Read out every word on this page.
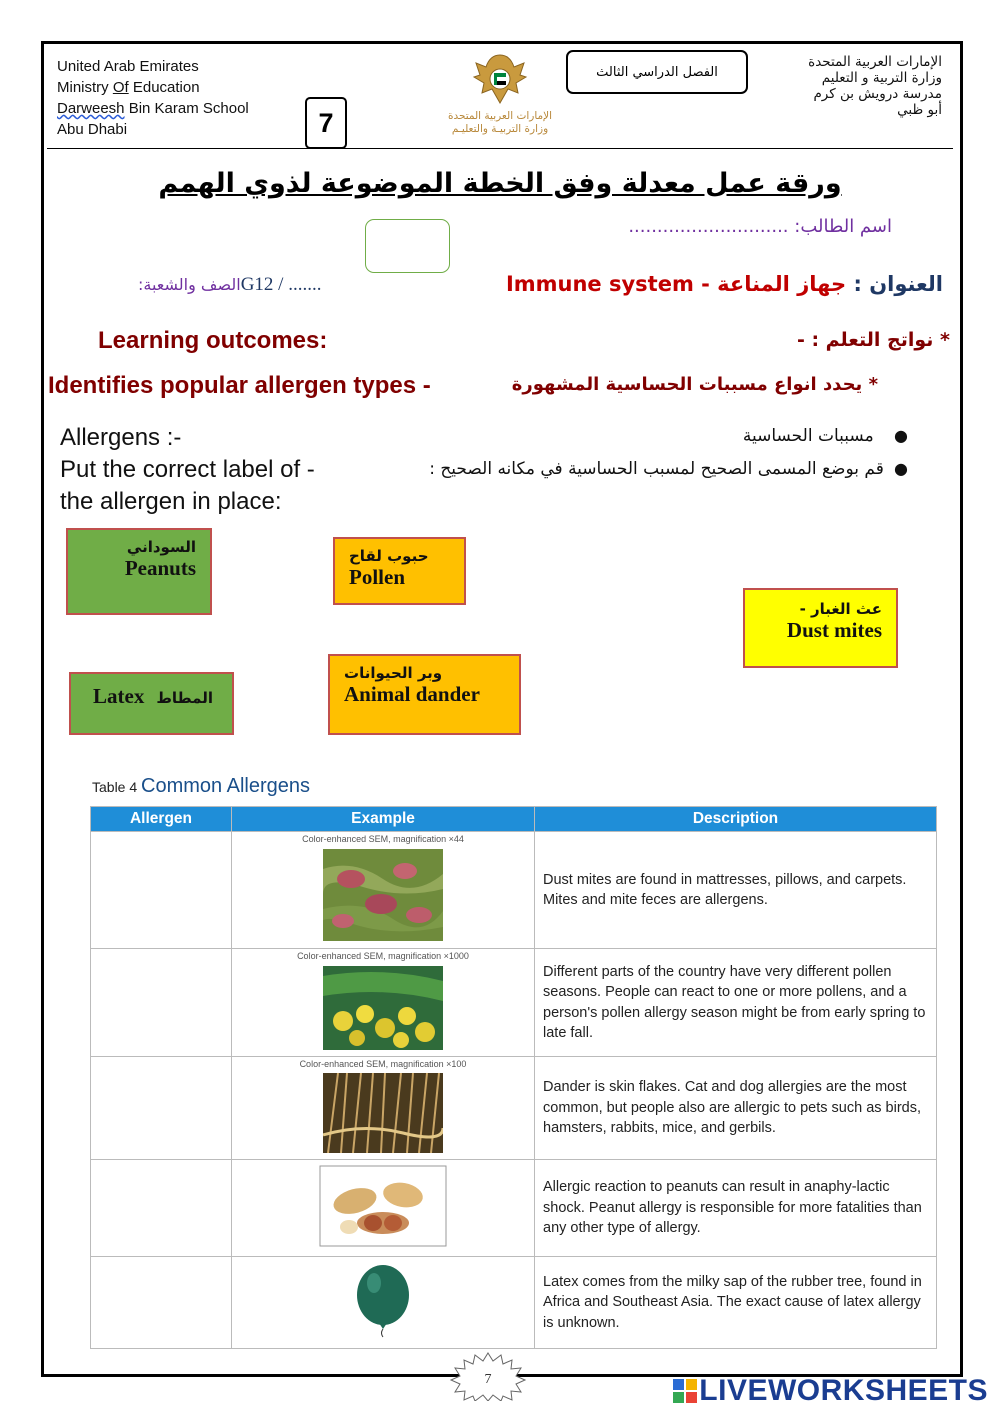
United Arab Emirates
Ministry Of Education
Darweesh Bin Karam School
Abu Dhabi	7	الإمارات العربية المتحدة
وزارة التربيـة والتعليـم
الفصل الدراسي الثالث
الإمارات العربية المتحدة
وزارة التربية و التعليم
مدرسة درويش بن كرم
أبو ظبي
ورقة عمل معدلة وفق الخطة الموضوعة لذوي الهمم
اسم الطالب: ............................
العنوان : جهاز المناعة - Immune system
الصف والشعبة: ....... / G12
Learning outcomes:	* نواتج التعلم : -
Identifies popular allergen types -	* يحدد انواع مسببات الحساسية المشهورة
Allergens :-	●    مسببات الحساسية
Put the correct label of -	●  قم بوضع المسمى الصحيح لمسبب الحساسية في مكانه الصحيح :
the allergen in place:
السوداني
Peanuts	حبوب لقاح
Pollen
عث الغبار -
Dust mites
Latex المطاط
وبر الحيوانات
Animal dander
Table 4 Common Allergens
Allergen	Example	Description

	Color-enhanced SEM, magnification ×44	Dust mites are found in mattresses, pillows, and carpets. Mites and mite feces are allergens.

	Color-enhanced SEM, magnification ×1000	Different parts of the country have very different pollen seasons. People can react to one or more pollens, and a person's pollen allergy season might be from early spring to late fall.

	Color-enhanced SEM, magnification ×100	Dander is skin flakes. Cat and dog allergies are the most common, but people also are allergic to pets such as birds, hamsters, rabbits, mice, and gerbils.
		Allergic reaction to peanuts can result in anaphy-lactic shock. Peanut allergy is responsible for more fatalities than any other type of allergy.
		Latex comes from the milky sap of the rubber tree, found in Africa and Southeast Asia. The exact cause of latex allergy is unknown.
7	LIVEWORKSHEETS
